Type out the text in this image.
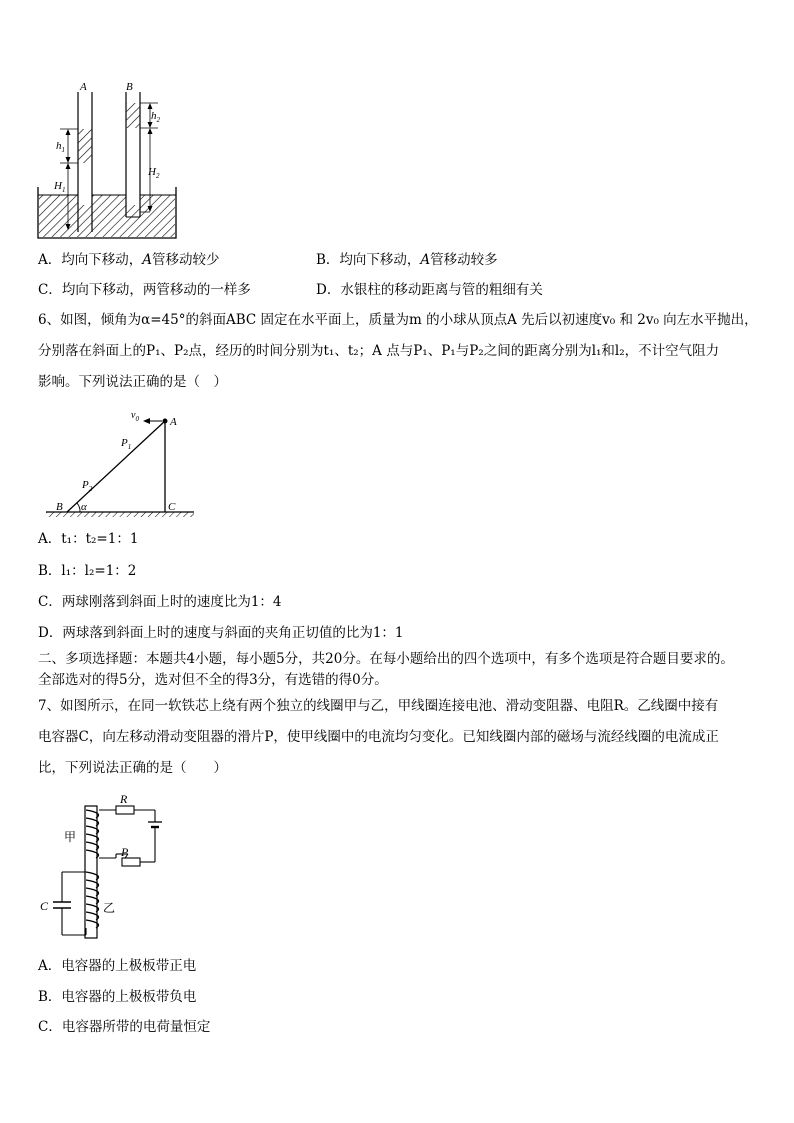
A	B
$h_1$
$H_1$
$h_2$
$H_2$
A．均向下移动，A管移动较少	B．均向下移动，A管移动较多
C．均向下移动，两管移动的一样多	D．水银柱的移动距离与管的粗细有关
6、如图，倾角为α=45°的斜面ABC 固定在水平面上，质量为m 的小球从顶点A 先后以初速度v₀ 和 2v₀ 向左水平抛出，
分别落在斜面上的P₁、P₂点，经历的时间分别为t₁、t₂；A 点与P₁、P₁与P₂之间的距离分别为l₁和l₂，不计空气阻力
影响。下列说法正确的是（　）
$v_0$	A
$P_1$
$P_2$
B α	C
A．t₁：t₂=1：1
B．l₁：l₂=1：2
C．两球刚落到斜面上时的速度比为1：4
D．两球落到斜面上时的速度与斜面的夹角正切值的比为1：1
二、多项选择题：本题共4小题，每小题5分，共20分。在每小题给出的四个选项中，有多个选项是符合题目要求的。
全部选对的得5分，选对但不全的得3分，有选错的得0分。
7、如图所示，在同一软铁芯上绕有两个独立的线圈甲与乙，甲线圈连接电池、滑动变阻器、电阻R。乙线圈中接有
电容器C，向左移动滑动变阻器的滑片P，使甲线圈中的电流均匀变化。已知线圈内部的磁场与流经线圈的电流成正
比，下列说法正确的是（　　）
R
甲
P
C	乙
A．电容器的上极板带正电
B．电容器的上极板带负电
C．电容器所带的电荷量恒定
